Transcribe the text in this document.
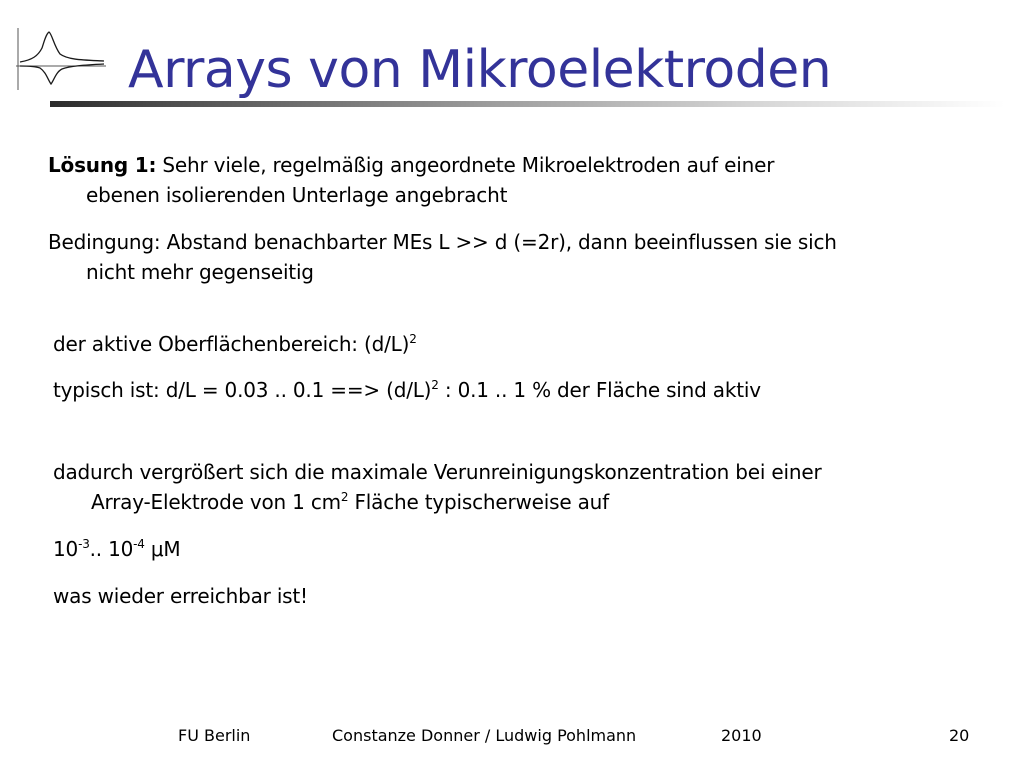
Arrays von Mikroelektroden
Lösung 1: Sehr viele, regelmäßig angeordnete Mikroelektroden auf einer
ebenen isolierenden Unterlage angebracht
Bedingung: Abstand benachbarter MEs L >> d (=2r), dann beeinflussen sie sich
nicht mehr gegenseitig
der aktive Oberflächenbereich: $(d/L)^2$
typisch ist: d/L = 0.03 .. 0.1 ==> $(d/L)^2$ : 0.1 .. 1 % der Fläche sind aktiv
dadurch vergrößert sich die maximale Verunreinigungskonzentration bei einer
Array-Elektrode von 1 $cm^2$ Fläche typischerweise auf
$10^{-3}$.. $10^{-4}$ μM
was wieder erreichbar ist!
FU Berlin	Constanze Donner / Ludwig Pohlmann	2010	20
